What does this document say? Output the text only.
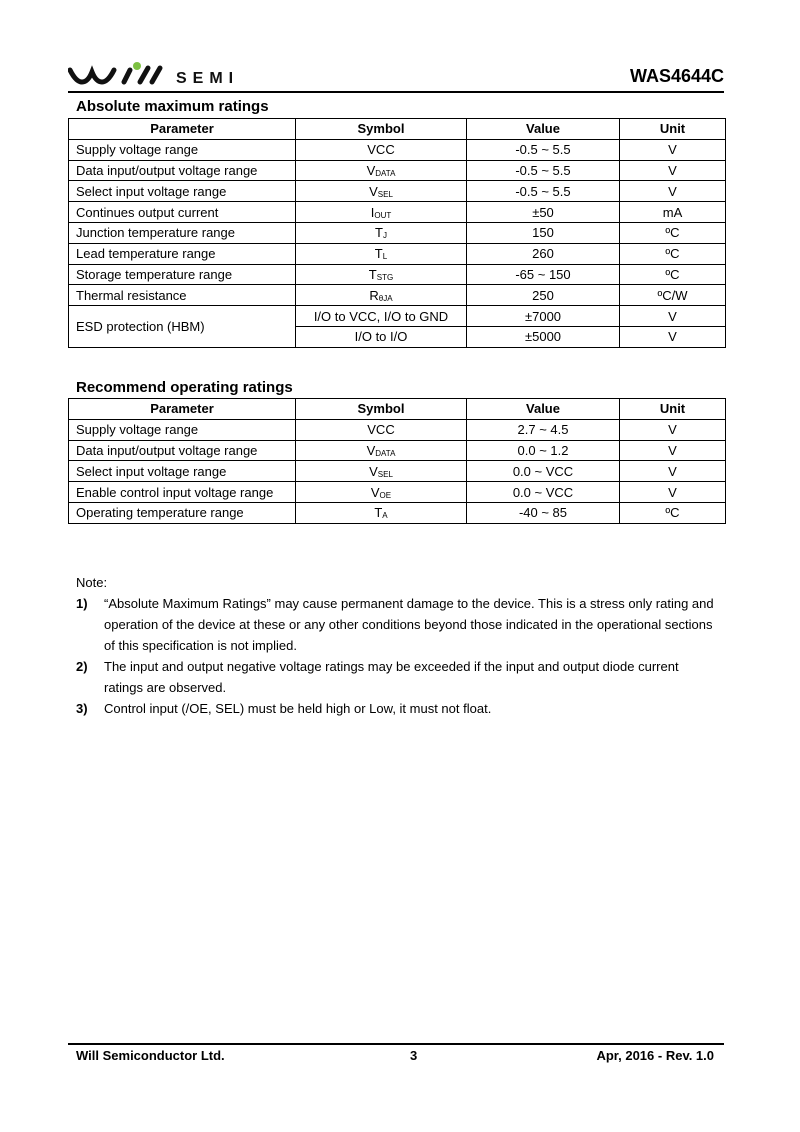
SEMI	WAS4644C
Absolute maximum ratings
Parameter	Symbol	Value	Unit
Supply voltage range	VCC	-0.5 ~ 5.5	V
Data input/output voltage range	$V_{DATA}$	-0.5 ~ 5.5	V
Select input voltage range	$V_{SEL}$	-0.5 ~ 5.5	V
Continues output current	$I_{OUT}$	±50	mA
Junction temperature range	$T_J$	150	ºC
Lead temperature range	$T_L$	260	ºC
Storage temperature range	$T_{STG}$	-65 ~ 150	ºC
Thermal resistance	$R_{\theta JA}$	250	ºC/W
ESD protection (HBM)	I/O to VCC, I/O to GND	±7000	V
	I/O to I/O	±5000	V
Recommend operating ratings
Parameter	Symbol	Value	Unit
Supply voltage range	VCC	2.7 ~ 4.5	V
Data input/output voltage range	$V_{DATA}$	0.0 ~ 1.2	V
Select input voltage range	$V_{SEL}$	0.0 ~ VCC	V
Enable control input voltage range	$V_{OE}$	0.0 ~ VCC	V
Operating temperature range	$T_A$	-40 ~ 85	ºC
Note:
1) “Absolute Maximum Ratings” may cause permanent damage to the device. This is a stress only rating and operation of the device at these or any other conditions beyond those indicated in the operational sections of this specification is not implied.
2) The input and output negative voltage ratings may be exceeded if the input and output diode current ratings are observed.
3) Control input (/OE, SEL) must be held high or Low, it must not float.
Will Semiconductor Ltd.	3	Apr, 2016 - Rev. 1.0
